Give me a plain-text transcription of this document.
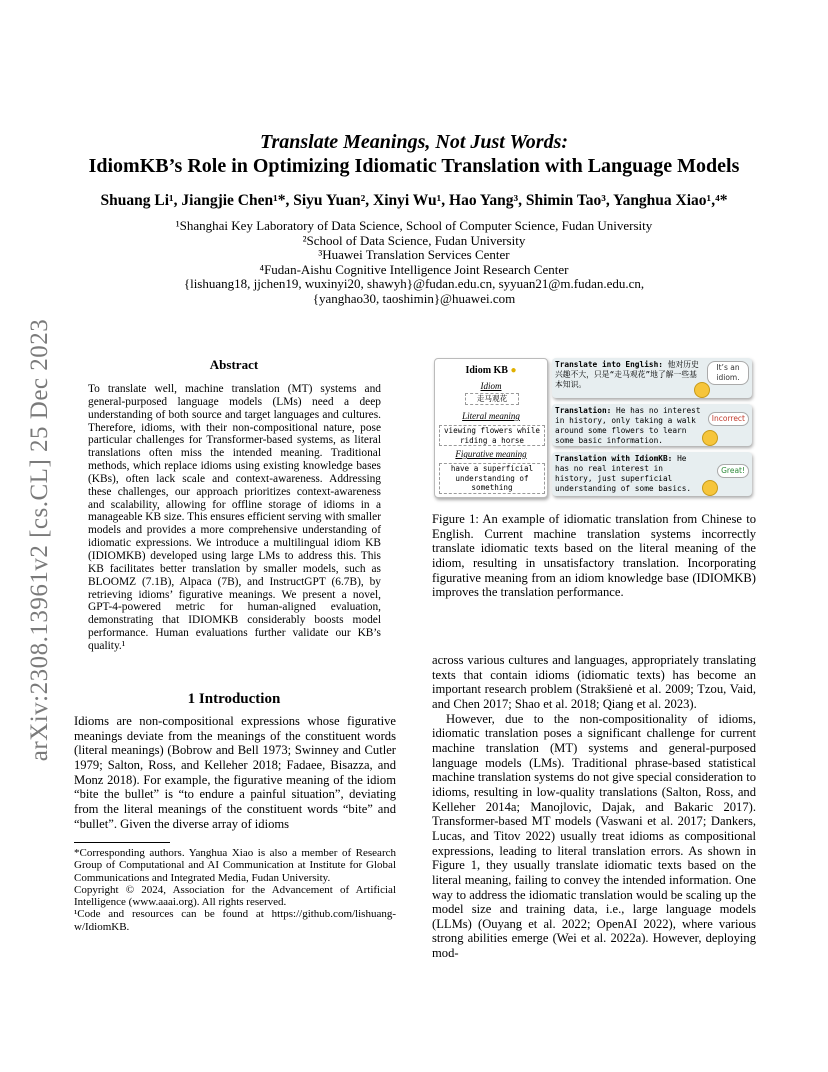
arXiv:2308.13961v2 [cs.CL] 25 Dec 2023
Translate Meanings, Not Just Words:
IdiomKB’s Role in Optimizing Idiomatic Translation with Language Models
Shuang Li¹, Jiangjie Chen¹*, Siyu Yuan², Xinyi Wu¹, Hao Yang³, Shimin Tao³, Yanghua Xiao¹,⁴*
¹Shanghai Key Laboratory of Data Science, School of Computer Science, Fudan University
²School of Data Science, Fudan University
³Huawei Translation Services Center
⁴Fudan-Aishu Cognitive Intelligence Joint Research Center
{lishuang18, jjchen19, wuxinyi20, shawyh}@fudan.edu.cn, syyuan21@m.fudan.edu.cn,
{yanghao30, taoshimin}@huawei.com
Abstract
To translate well, machine translation (MT) systems and general-purposed language models (LMs) need a deep understanding of both source and target languages and cultures. Therefore, idioms, with their non-compositional nature, pose particular challenges for Transformer-based systems, as literal translations often miss the intended meaning. Traditional methods, which replace idioms using existing knowledge bases (KBs), often lack scale and context-awareness. Addressing these challenges, our approach prioritizes context-awareness and scalability, allowing for offline storage of idioms in a manageable KB size. This ensures efficient serving with smaller models and provides a more comprehensive understanding of idiomatic expressions. We introduce a multilingual idiom KB (IDIOMKB) developed using large LMs to address this. This KB facilitates better translation by smaller models, such as BLOOMZ (7.1B), Alpaca (7B), and InstructGPT (6.7B), by retrieving idioms’ figurative meanings. We present a novel, GPT-4-powered metric for human-aligned evaluation, demonstrating that IDIOMKB considerably boosts model performance. Human evaluations further validate our KB’s quality.¹
1 Introduction
Idioms are non-compositional expressions whose figurative meanings deviate from the meanings of the constituent words (literal meanings) (Bobrow and Bell 1973; Swinney and Cutler 1979; Salton, Ross, and Kelleher 2018; Fadaee, Bisazza, and Monz 2018). For example, the figurative meaning of the idiom “bite the bullet” is “to endure a painful situation”, deviating from the literal meanings of the constituent words “bite” and “bullet”. Given the diverse array of idioms

*Corresponding authors. Yanghua Xiao is also a member of Research Group of Computational and AI Communication at Institute for Global Communications and Integrated Media, Fudan University.

Copyright © 2024, Association for the Advancement of Artificial Intelligence (www.aaai.org). All rights reserved.

¹Code and resources can be found at https://github.com/lishuang-w/IdiomKB.

Idiom KB ●
Idiom
走马观花
Literal meaning
viewing flowers while riding a horse
Figurative meaning
have a superficial understanding of something
Translate into English: 他对历史兴趣不大，只是“走马观花”地了解一些基本知识。
It’s an idiom.
Translation: He has no interest in history, only taking a walk around some flowers to learn some basic information.
Incorrect
Translation with IdiomKB: He has no real interest in history, just superficial understanding of some basics.
Great!
Figure 1: An example of idiomatic translation from Chinese to English. Current machine translation systems incorrectly translate idiomatic texts based on the literal meaning of the idiom, resulting in unsatisfactory translation. Incorporating figurative meaning from an idiom knowledge base (IDIOMKB) improves the translation performance.

across various cultures and languages, appropriately translating texts that contain idioms (idiomatic texts) has become an important research problem (Strakšienė et al. 2009; Tzou, Vaid, and Chen 2017; Shao et al. 2018; Qiang et al. 2023).

However, due to the non-compositionality of idioms, idiomatic translation poses a significant challenge for current machine translation (MT) systems and general-purposed language models (LMs). Traditional phrase-based statistical machine translation systems do not give special consideration to idioms, resulting in low-quality translations (Salton, Ross, and Kelleher 2014a; Manojlovic, Dajak, and Bakaric 2017). Transformer-based MT models (Vaswani et al. 2017; Dankers, Lucas, and Titov 2022) usually treat idioms as compositional expressions, leading to literal translation errors. As shown in Figure 1, they usually translate idiomatic texts based on the literal meaning, failing to convey the intended information. One way to address the idiomatic translation would be scaling up the model size and training data, i.e., large language models (LLMs) (Ouyang et al. 2022; OpenAI 2022), where various strong abilities emerge (Wei et al. 2022a). However, deploying mod-
